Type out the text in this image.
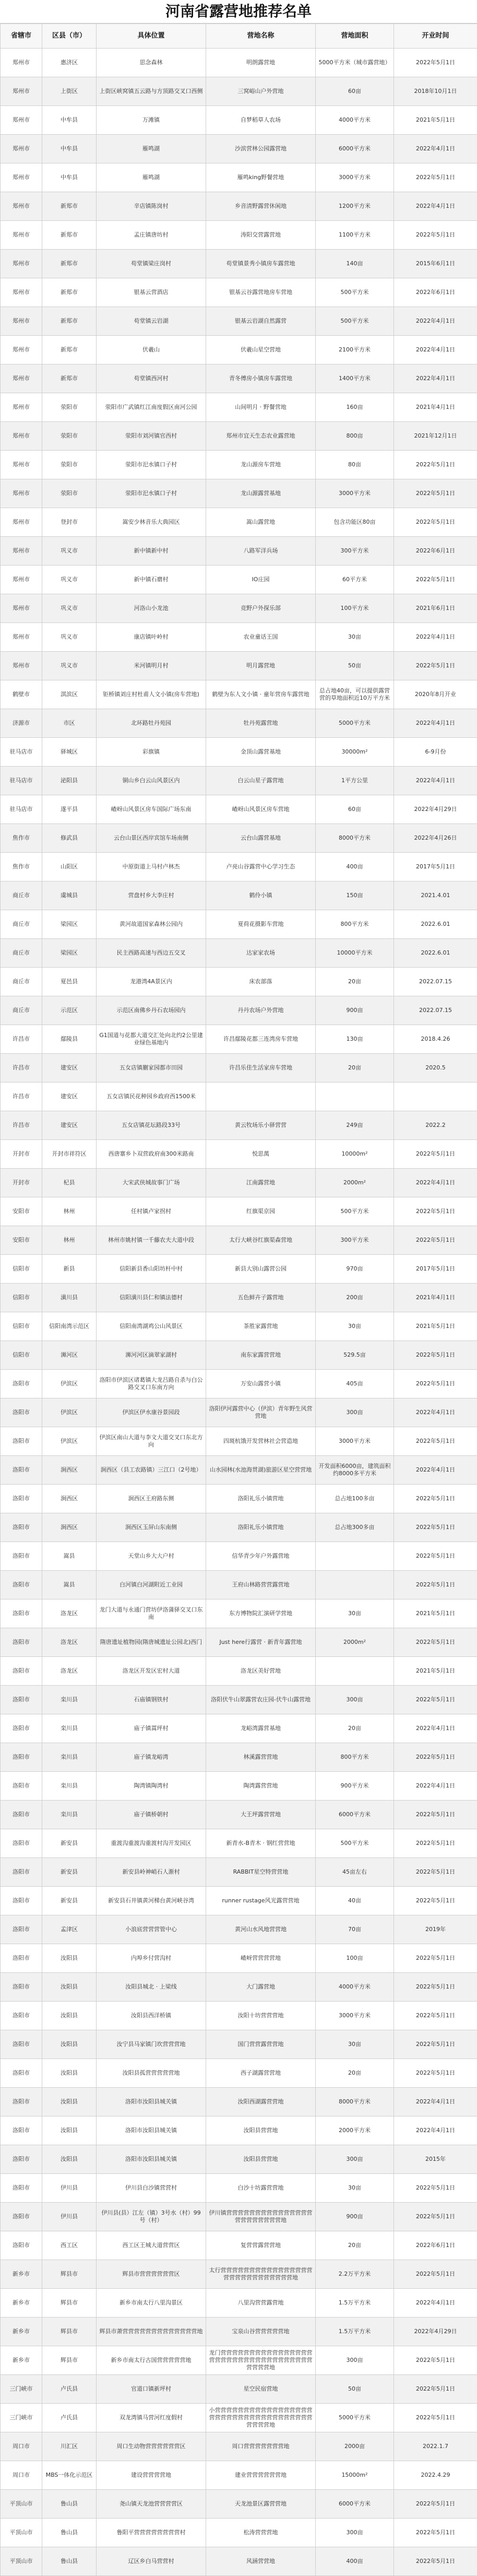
河南省露营地推荐名单
省辖市	区县（市）	具体位置	营地名称	营地面积	开业时间
郑州市	惠济区	思念森林	明朗露营地	5000平方米（城市露营地）	2022年5月1日
郑州市	上街区	上街区峡窝镇五云路与方顶路交叉口西侧	三窝峪山户外营地	60亩	2018年10月1日
郑州市	中牟县	万滩镇	自梦稻草人农场	4000平方米	2021年5月1日
郑州市	中牟县	雁鸣湖	沙滨营林公园露营地	6000平方米	2022年4月1日
郑州市	中牟县	雁鸣湖	雁鸣king野餐营地	3000平方米	2022年5月1日
郑州市	新郑市	辛店镇陈岗村	乡音清野露营休闲地	1200平方米	2022年4月1日
郑州市	新郑市	孟庄镇唐坊村	涛阳交营露营地	1100平方米	2022年5月1日
郑州市	新郑市	苟堂镇梁庄岗村	苟堂镇景秀小镇房车露营地	140亩	2015年6月1日
郑州市	新郑市	银基云营酒店	银基云谷露营地房车营地	500平方米	2022年6月1日
郑州市	新郑市	苟堂镇云岩湖	银基云岩湖自然露营	500平方米	2022年4月1日
郑州市	新郑市	伏羲山	伏羲山星空营地	2100平方米	2022年4月1日
郑州市	新郑市	苟堂镇西河村	青冬傅房小镇房车露营地	1400平方米	2022年4月1日
郑州市	荥阳市	荥阳市广武镇红江南度假区南河公园	山间明月 · 野餐营地	160亩	2021年4月1日
郑州市	荥阳市	荥阳市刘河镇官西村	郑州市宜天生态农业露营地	800亩	2021年12月1日
郑州市	荥阳市	荥阳市汜水镇口子村	龙山源房车营地	80亩	2022年5月1日
郑州市	荥阳市	荥阳市汜水镇口子村	龙山源露营基地	3000平方米	2022年5月1日
郑州市	登封市	嵩安少林音乐大典园区	嵩山露营地	包含功能区80亩	2022年5月1日
郑州市	巩义市	新中镇新中村	八路军洋兵场	300平方米	2022年6月1日
郑州市	巩义市	新中镇石磨村	IO庄园	60平方米	2022年5月1日
郑州市	巩义市	河洛山小龙池	竞野户外探乐部	100平方米	2021年6月1日
郑州市	巩义市	康店镇叶岭村	农业童话王国	30亩	2022年4月1日
郑州市	巩义市	米河镇明月村	明月露营地	50亩	2022年5月1日
鹤壁市	淇滨区	钜桥镇刘庄村杜甫人文小镇(房车营地)	鹤壁为东人文小镇 · 童年营房车露营地	总占地40亩，可以提供露营营的草地面积近10万平方米	2020年8月开业
济源市	市区	北环路牡丹苑园	牡丹苑露营地	5000平方米	2022年4月1日
驻马店市	驿城区	彩旗镇	金顶山露营基地	30000m²	6-9月份
驻马店市	泌阳县	铜山乡白云山风景区内	白云山星子露营地	1平方公里	2022年4月1日
驻马店市	遂平县	嵖岈山风景区房车国际广场东南	嵖岈山风景区房车营地	60亩	2022年4月29日
焦作市	修武县	云台山景区西岸宾馆车场南侧	云台山露营基地	8000平方米	2022年4月26日
焦作市	山阳区	中原街道上马村卢林杰	卢亮山谷露营中心学习生态	400亩	2017年5月1日
商丘市	虞城县	营盘村乡大李庄村	鹤伶小镇	150亩	2021.4.01
商丘市	梁园区	黄河故道国家森林公园内	夏荷花摄影车营地	800平方米	2022.6.01
商丘市	梁园区	民主西路高速与西边五交叉	达家家农场	10000平方米	2022.6.01
商丘市	夏邑县	龙港湾4A景区内	床农部落	20亩	2022.07.15
商丘市	示范区	示范区南佛乡丹石农场园内	丹丹农场户外营地	900亩	2022.07.15
许昌市	鄢陵县	G1国道与花都大道交汇处向北约2公里建业绿色基地内	许昌鄢陵花都三连湾房车营地	130亩	2018.4.26
许昌市	建安区	五女店镇蒯家园都市田园	许昌乐佳生活家房车营地	20亩	2020.5
许昌市	建安区	五女店镇民花种园乡政府西1500米			
许昌市	建安区	五女店镇花坛路段33号	黄云牧场乐小驿营营	249亩	2022.2
开封市	开封市祥符区	西唐寨乡卜双营政府南300米路南	悦思萬	10000m²	2022年5月1日
开封市	杞县	大宋武侠城故事门广场	江南露营地	2000m²	2022年4月1日
安阳市	林州	任村镇卢家拐村	红旗渠京园	500平方米	2022年5月1日
安阳市	林州	林州市姚村镇一千藤农夫大道中段	太行大峡谷红旗渠森营地	300平方米	2022年5月1日
信阳市	新县	信阳新县香山阳坊杆中村	新县大别山露营公园	970亩	2017年5月1日
信阳市	潢川县	信阳潢川县仁和镇法德村	五色鲜卉子露营地	200亩	2021年4月1日
信阳市	信阳南湾示范区	信阳南湾湖鸡公山风景区	茶胜家露营地	30亩	2021年5月1日
信阳市	浉河区	浉河河区滴翠家湖村	南东家露营营地	529.5亩	2022年5月1日
洛阳市	伊滨区	洛阳市伊滨区诸葛镇大龙吕路自杀与白公路交叉口东南方向	万安山露营小镇	405亩	2022年5月1日
洛阳市	伊滨区	伊滨区伊水康谷景园段	洛阳伊河露营中心（伊滨）青年野生风营营地	300亩	2022年4月1日
洛阳市	伊滨区	伊滨区南山大道与李文大道交叉口东北方向	四斑杭饿开发营林社会营造地	3000平方米	2022年5月1日
洛阳市	涧西区	涧西区（县工农路镇）三江口（2号地）	山水园林(水池海贯湖)旅游区星空营营地	开发面积6000亩，建筑面积约8000多平方米	2022年4月1日
洛阳市	涧西区	涧西区王府路东侧	洛阳礼乐小镇营地	总占地100多亩	2022年5月1日
洛阳市	涧西区	涧西区玉屏山东南侧	洛阳礼乐小镇营地	总占地300多亩	2022年5月1日
洛阳市	嵩县	天堂山乡大大户村	信华青少年户外露营地		2022年5月1日
洛阳市	嵩县	白河镇白河湖附近工业园	王府山林路营营露营地		2022年5月1日
洛阳市	洛龙区	龙门大道与永通门营坊伊洛蒲驿交叉口东南	东方博物院汇演研学营地	30亩	2021年5月1日
洛阳市	洛龙区	隋唐遗址植物园(隋唐城遗址公园北)西门	Just here行露营 · 新青年露营地	2000m²	2022年5月1日
洛阳市	洛龙区	洛龙区开发区宏村大道	洛龙区美好营地		2021年5月1日
洛阳市	栾川县	石庙镇钢铁村	洛阳伏牛山翠露营农庄园-伏牛山露营地	300亩	2022年5月1日
洛阳市	栾川县	庙子镇蒿坪村	龙峪湾露营基地	20亩	2022年4月1日
洛阳市	栾川县	庙子镇龙峪湾	林溪露营营地	800平方米	2022年5月1日
洛阳市	栾川县	陶湾镇陶湾村	陶湾露营营地	900平方米	2022年4月1日
洛阳市	栾川县	庙子镇桥朝村	大王坪露营营地	6000平方米	2022年5月1日
洛阳市	新安县	重渡沟重渡沟重渡村沟开发园区	新青水-B青木 · 钢红营营地	500平方米	2022年5月1日
洛阳市	新安县	新安县岭神峭石人渐村	RABBIT星空特营营地	45亩左右	2022年5月1日
洛阳市	新安县	新安县石井镇黄河梯台黄河峡谷湾	runner rustage风光露营营地	40亩	2022年5月1日
洛阳市	孟津区	小浪底营营营管中心	黄河山水风地营营地	70亩	2019年
洛阳市	汝阳县	内埠乡付营沟村	嵖岈营营营营地	100亩	2022年5月1日
洛阳市	汝阳县	汝阳县城北 · 上梁线	大门露营地	4000平方米	2022年5月1日
洛阳市	汝阳县	汝阳县西洋桥镇	汝阳十坊营营营地	3000平方米	2022年5月1日
洛阳市	汝阳县	汝宁县马家镇门坎营营营地	国门营营露营营地	30亩	2022年5月1日
洛阳市	汝阳县	汝阳县孤营营营营营地	西子湖露营营地	20亩	2022年5月1日
洛阳市	汝阳县	洛阳市汝阳县城关镇	汝阳西湖露营营地	8000平方米	2022年4月1日
洛阳市	汝阳县	洛阳市汝阳县城关镇	汝阳县营营地	2000平方米	2022年4月1日
洛阳市	汝阳县	洛阳市汝阳县城关镇	汝阳县营营地	300亩	2015年
洛阳市	伊川县	伊川县白沙镇营营村	白沙十坊露营营地	30亩	2022年5月1日
洛阳市	伊川县	伊川县(县）江左（镇）3号水（村）99号（村）	伊川镇营营营营营营营营营营营营营营营营营营营营营营营地	900亩	2022年5月1日
洛阳市	西工区	西工区王城大道营营区	复营营露营营地	20亩	2022年6月1日
新乡市	辉县市	辉县市营营营营营营区	太行营营营营营营营营营营营营营营营营营营营营营营营营营营营营地	2.2万平方米	2022年5月1日
新乡市	辉县市	新乡市南太行八里沟景区	八里沟营营露营地	1.5万平方米	2022年4月1日
新乡市	辉县市	辉县市萧营营营营营营营营营营营营营地	宝泉山谷营营营营营地	1.5万平方米	2022年4月29日
新乡市	辉县市	新乡市南太行古国营营营营营地	龙门营营营营营营营营营营营营营营营营营营营营营营营营营营营营营营营营营营营营营营地	300亩	2022年5月1日
三门峡市	卢氏县	官道口镇新坪村	星空民宿营地	50亩	2022年5月1日
三门峡市	卢氏县	双龙湾镇马营河红度假村	小营营营营营营营营营营营营营营营营营营营营营营营营营营营营营营营营营营营营营营营地	5000平方米	2022年5月1日
周口市	川汇区	周口生动物营营营营营营区	周口营营营营营营营地	2000亩	2022.1.7
周口市	MBS一体化示范区	建设营营营营地	建业营营营营营营地	15000m²	2022.4.29
平顶山市	鲁山县	尧山镇天龙池营营营营区	天龙池景区露营营地	6000平方米	2022年5月1日
平顶山市	鲁山县	鲁阳平营营营营营营营营村	松涛营营营地	300亩	2022年5月1日
平顶山市	鲁山县	辽区乡白马营营村	风涵营营地	400亩	2022年5月1日
